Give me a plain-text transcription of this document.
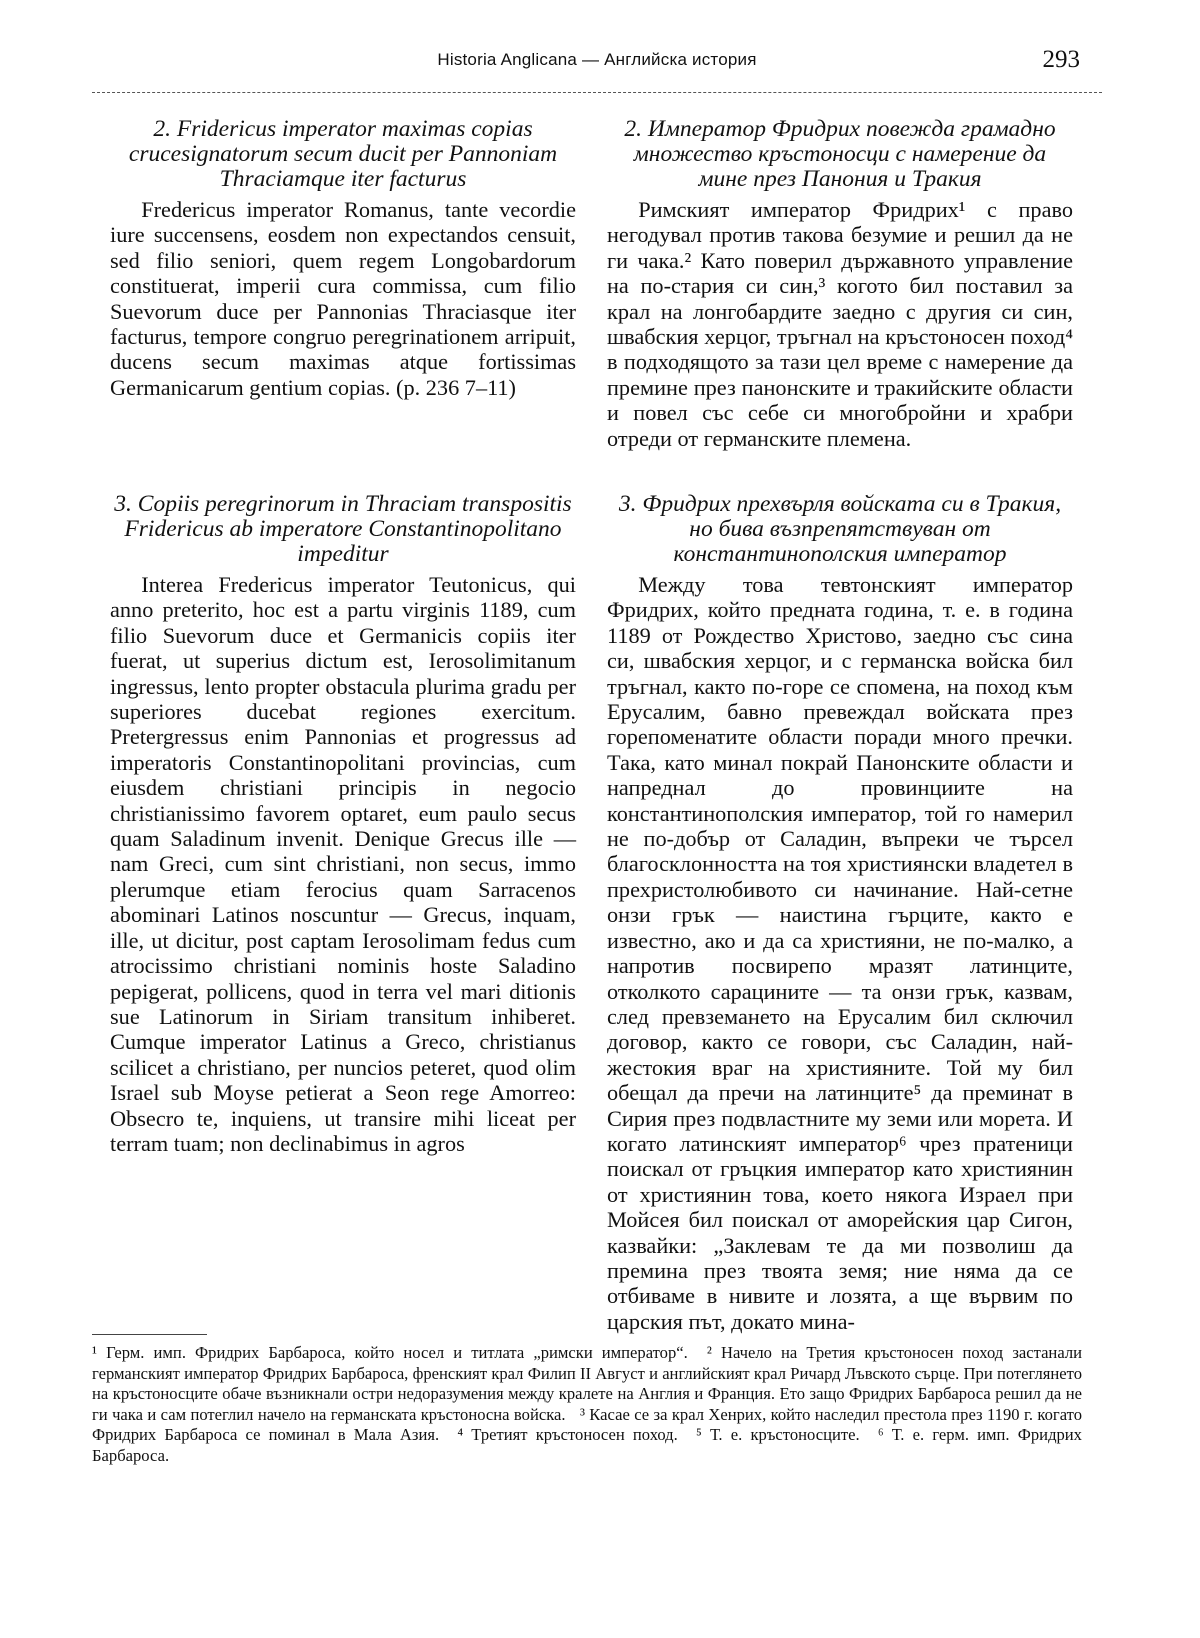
Historia Anglicana — Английска история	293
2. Fridericus imperator maximas copias crucesignatorum secum ducit per Pannoniam Thraciamque iter facturus

Fredericus imperator Romanus, tante vecordie iure succensens, eosdem non expectandos censuit, sed filio seniori, quem regem Longobardorum constituerat, imperii cura commissa, cum filio Suevorum duce per Pannonias Thraciasque iter facturus, tempore congruo peregrinationem arripuit, ducens secum maximas atque fortissimas Germanicarum gentium copias. (p. 236 7–11)

3. Copiis peregrinorum in Thraciam transpositis Fridericus ab imperatore Constantinopolitano impeditur

Interea Fredericus imperator Teutonicus, qui anno preterito, hoc est a partu virginis 1189, cum filio Suevorum duce et Germanicis copiis iter fuerat, ut superius dictum est, Ierosolimitanum ingressus, lento propter obstacula plurima gradu per superiores ducebat regiones exercitum. Pretergressus enim Pannonias et progressus ad imperatoris Constantinopolitani provincias, cum eiusdem christiani principis in negocio christianissimo favorem optaret, eum paulo secus quam Saladinum invenit. Denique Grecus ille — nam Greci, cum sint christiani, non secus, immo plerumque etiam ferocius quam Sarracenos abominari Latinos noscuntur — Grecus, inquam, ille, ut dicitur, post captam Ierosolimam fedus cum atrocissimo christiani nominis hoste Saladino pepigerat, pollicens, quod in terra vel mari ditionis sue Latinorum in Siriam transitum inhiberet. Cumque imperator Latinus a Greco, christianus scilicet a christiano, per nuncios peteret, quod olim Israel sub Moyse petierat a Seon rege Amorreo: Obsecro te, inquiens, ut transire mihi liceat per terram tuam; non declinabimus in agros

2. Император Фридрих повежда грамадно множество кръстоносци с намерение да мине през Панония и Тракия

Римският император Фридрих¹ с право негодувал против такова безумие и решил да не ги чака.² Като поверил държавното управление на по-стария си син,³ когото бил поставил за крал на лонгобардите заедно с другия си син, швабския херцог, тръгнал на кръстоносен поход⁴ в подходящото за тази цел време с намерение да премине през панонските и тракийските области и повел със себе си многобройни и храбри отреди от германските племена.

3. Фридрих прехвърля войската си в Тракия, но бива възпрепятствуван от константинополския император

Между това тевтонският император Фридрих, който предната година, т. е. в година 1189 от Рождество Христово, заедно със сина си, швабския херцог, и с германска войска бил тръгнал, както по-горе се спомена, на поход към Ерусалим, бавно превеждал войската през горепоменатите области поради много пречки. Така, като минал покрай Панонските области и напреднал до провинциите на константинополския император, той го намерил не по-добър от Саладин, въпреки че търсел благосклонността на тоя християнски владетел в прехристолюбивото си начинание. Най-сетне онзи грък — наистина гърците, както е известно, ако и да са християни, не по-малко, а напротив посвирепо мразят латинците, отколкото сарацините — та онзи грък, казвам, след превземането на Ерусалим бил сключил договор, както се говори, със Саладин, най-жестокия враг на християните. Той му бил обещал да пречи на латинците⁵ да преминат в Сирия през подвластните му земи или морета. И когато латинският император⁶ чрез пратеници поискал от гръцкия император като християнин от християнин това, което някога Израел при Мойсея бил поискал от аморейския цар Сигон, казвайки: „Заклевам те да ми позволиш да премина през твоята земя; ние няма да се отбиваме в нивите и лозята, а ще вървим по царския път, докато мина-

¹ Герм. имп. Фридрих Барбароса, който носел и титлата „римски император“. ² Начело на Третия кръстоносен поход застанали германският император Фридрих Барбароса, френският крал Филип II Август и английският крал Ричард Лъвското сърце. При потеглянето на кръстоносците обаче възникнали остри недоразумения между кралете на Англия и Франция. Ето защо Фридрих Барбароса решил да не ги чака и сам потеглил начело на германската кръстоносна войска. ³ Касае се за крал Хенрих, който наследил престола през 1190 г. когато Фридрих Барбароса се поминал в Мала Азия. ⁴ Третият кръстоносен поход. ⁵ Т. е. кръстоносците. ⁶ Т. е. герм. имп. Фридрих Барбароса.
